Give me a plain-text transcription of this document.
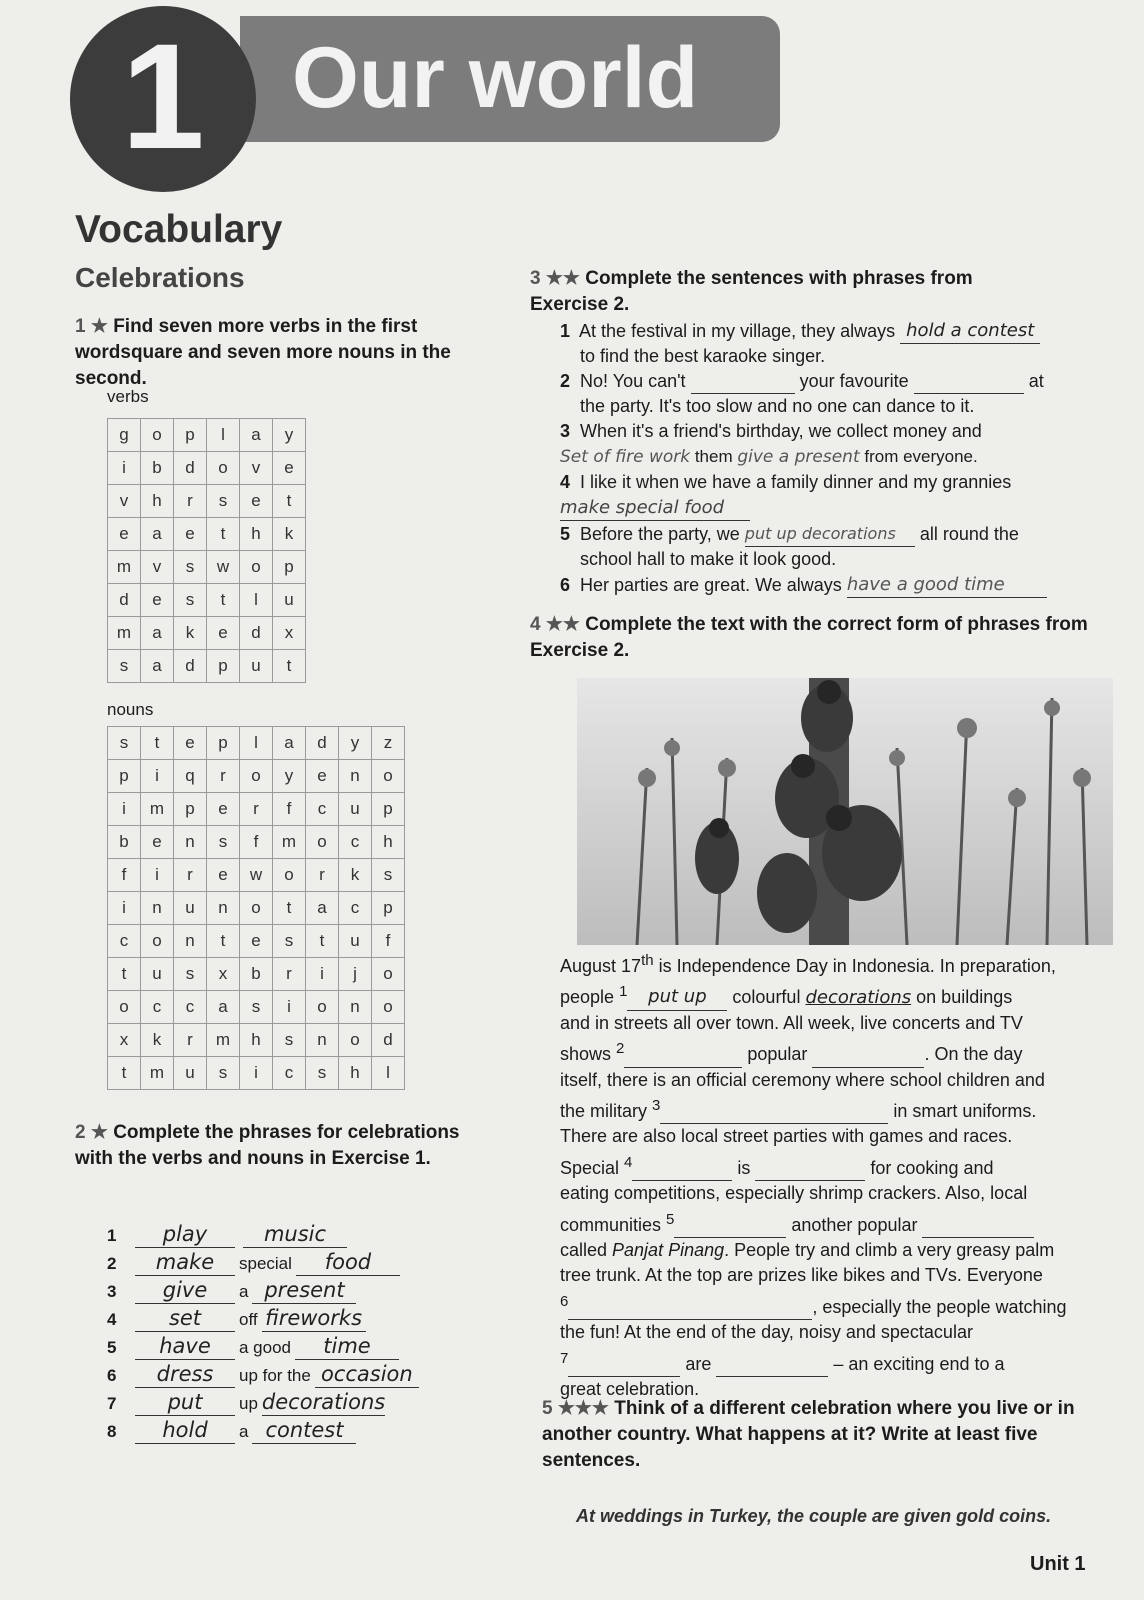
Our world
1
Vocabulary
Celebrations
1 ★ Find seven more verbs in the first wordsquare and seven more nouns in the second.
verbs
g	o	p	l	a	y
i	b	d	o	v	e
v	h	r	s	e	t
e	a	e	t	h	k
m	v	s	w	o	p
d	e	s	t	l	u
m	a	k	e	d	x
s	a	d	p	u	t
nouns
s	t	e	p	l	a	d	y	z
p	i	q	r	o	y	e	n	o
i	m	p	e	r	f	c	u	p
b	e	n	s	f	m	o	c	h
f	i	r	e	w	o	r	k	s
i	n	u	n	o	t	a	c	p
c	o	n	t	e	s	t	u	f
t	u	s	x	b	r	i	j	o
o	c	c	a	s	i	o	n	o
x	k	r	m	h	s	n	o	d
t	m	u	s	i	c	s	h	l
2 ★ Complete the phrases for celebrations with the verbs and nouns in Exercise 1.
1 play	music
2 make special food
3 give a present
4 set off fireworks
5 have a good time
6 dress up for the occasion
7 put up decorations
8 hold a contest
3 ★★ Complete the sentences with phrases from Exercise 2.
1 At the festival in my village, they always hold a contest
to find the best karaoke singer.
2 No! You can't	your favourite	at
the party. It's too slow and no one can dance to it.
3 When it's a friend's birthday, we collect money and
Set of fire work them give a present from everyone.
4 I like it when we have a family dinner and my grannies
make special food
5 Before the party, we put up decorations all round the
school hall to make it look good.
6 Her parties are great. We always have a good time
4 ★★ Complete the text with the correct form of phrases from Exercise 2.
August 17th is Independence Day in Indonesia. In preparation,
people $^1$ put up colourful decorations on buildings
and in streets all over town. All week, live concerts and TV
shows $^2$	popular	. On the day
itself, there is an official ceremony where school children and
the military $^3$	in smart uniforms.
There are also local street parties with games and races.
Special $^4$	is	for cooking and
eating competitions, especially shrimp crackers. Also, local
communities $^5$	another popular
called Panjat Pinang. People try and climb a very greasy palm
tree trunk. At the top are prizes like bikes and TVs. Everyone
$^6$	, especially the people watching
the fun! At the end of the day, noisy and spectacular
$^7$	are	– an exciting end to a
great celebration.
5 ★★★ Think of a different celebration where you live or in another country. What happens at it? Write at least five sentences.
At weddings in Turkey, the couple are given gold coins.
Unit 1
